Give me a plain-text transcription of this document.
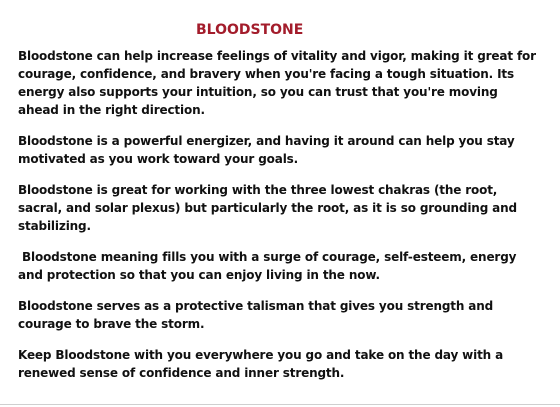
BLOODSTONE

Bloodstone can help increase feelings of vitality and vigor, making it great for courage, confidence, and bravery when you're facing a tough situation. Its energy also supports your intuition, so you can trust that you're moving ahead in the right direction.

Bloodstone is a powerful energizer, and having it around can help you stay motivated as you work toward your goals.

Bloodstone is great for working with the three lowest chakras (the root, sacral, and solar plexus) but particularly the root, as it is so grounding and stabilizing.

Bloodstone meaning fills you with a surge of courage, self-esteem, energy and protection so that you can enjoy living in the now.

Bloodstone serves as a protective talisman that gives you strength and courage to brave the storm.

Keep Bloodstone with you everywhere you go and take on the day with a renewed sense of confidence and inner strength.
